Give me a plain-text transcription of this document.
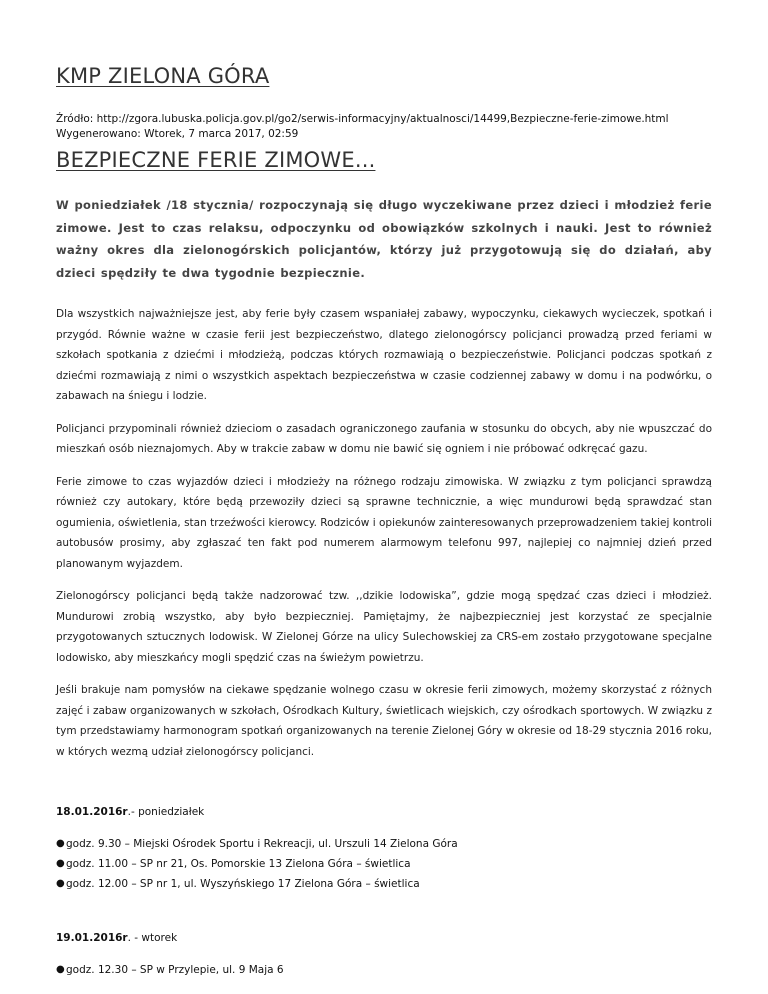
KMP ZIELONA GÓRA
Źródło: http://zgora.lubuska.policja.gov.pl/go2/serwis-informacyjny/aktualnosci/14499,Bezpieczne-ferie-zimowe.html
Wygenerowano: Wtorek, 7 marca 2017, 02:59
BEZPIECZNE FERIE ZIMOWE...

W poniedziałek /18 stycznia/ rozpoczynają się długo wyczekiwane przez dzieci i młodzież ferie zimowe. Jest to czas relaksu, odpoczynku od obowiązków szkolnych i nauki. Jest to również ważny okres dla zielonogórskich policjantów, którzy już przygotowują się do działań, aby dzieci spędziły te dwa tygodnie bezpiecznie.

Dla wszystkich najważniejsze jest, aby ferie były czasem wspaniałej zabawy, wypoczynku, ciekawych wycieczek, spotkań i przygód. Równie ważne w czasie ferii jest bezpieczeństwo, dlatego zielonogórscy policjanci prowadzą przed feriami w szkołach spotkania z dziećmi i młodzieżą, podczas których rozmawiają o bezpieczeństwie. Policjanci podczas spotkań z dziećmi rozmawiają z nimi o wszystkich aspektach bezpieczeństwa w czasie codziennej zabawy w domu i na podwórku, o zabawach na śniegu i lodzie.

Policjanci przypominali również dzieciom o zasadach ograniczonego zaufania w stosunku do obcych, aby nie wpuszczać do mieszkań osób nieznajomych. Aby w trakcie zabaw w domu nie bawić się ogniem i nie próbować odkręcać gazu.

Ferie zimowe to czas wyjazdów dzieci i młodzieży na różnego rodzaju zimowiska. W związku z tym policjanci sprawdzą również czy autokary, które będą przewoziły dzieci są sprawne technicznie, a więc mundurowi będą sprawdzać stan ogumienia, oświetlenia, stan trzeźwości kierowcy. Rodziców i opiekunów zainteresowanych przeprowadzeniem takiej kontroli autobusów prosimy, aby zgłaszać ten fakt pod numerem alarmowym telefonu 997, najlepiej co najmniej dzień przed planowanym wyjazdem.

Zielonogórscy policjanci będą także nadzorować tzw. ,,dzikie lodowiska”, gdzie mogą spędzać czas dzieci i młodzież. Mundurowi zrobią wszystko, aby było bezpieczniej. Pamiętajmy, że najbezpieczniej jest korzystać ze specjalnie przygotowanych sztucznych lodowisk. W Zielonej Górze na ulicy Sulechowskiej za CRS-em zostało przygotowane specjalne lodowisko, aby mieszkańcy mogli spędzić czas na świeżym powietrzu.

Jeśli brakuje nam pomysłów na ciekawe spędzanie wolnego czasu w okresie ferii zimowych, możemy skorzystać z różnych zajęć i zabaw organizowanych w szkołach, Ośrodkach Kultury, świetlicach wiejskich, czy ośrodkach sportowych. W związku z tym przedstawiamy harmonogram spotkań organizowanych na terenie Zielonej Góry w okresie od 18-29 stycznia 2016 roku, w których wezmą udział zielonogórscy policjanci.

18.01.2016r.- poniedziałek

● godz. 9.30 – Miejski Ośrodek Sportu i Rekreacji, ul. Urszuli 14 Zielona Góra
● godz. 11.00 – SP nr 21, Os. Pomorskie 13 Zielona Góra – świetlica
● godz. 12.00 – SP nr 1, ul. Wyszyńskiego 17 Zielona Góra – świetlica

19.01.2016r. - wtorek

● godz. 12.30 – SP w Przylepie, ul. 9 Maja 6
